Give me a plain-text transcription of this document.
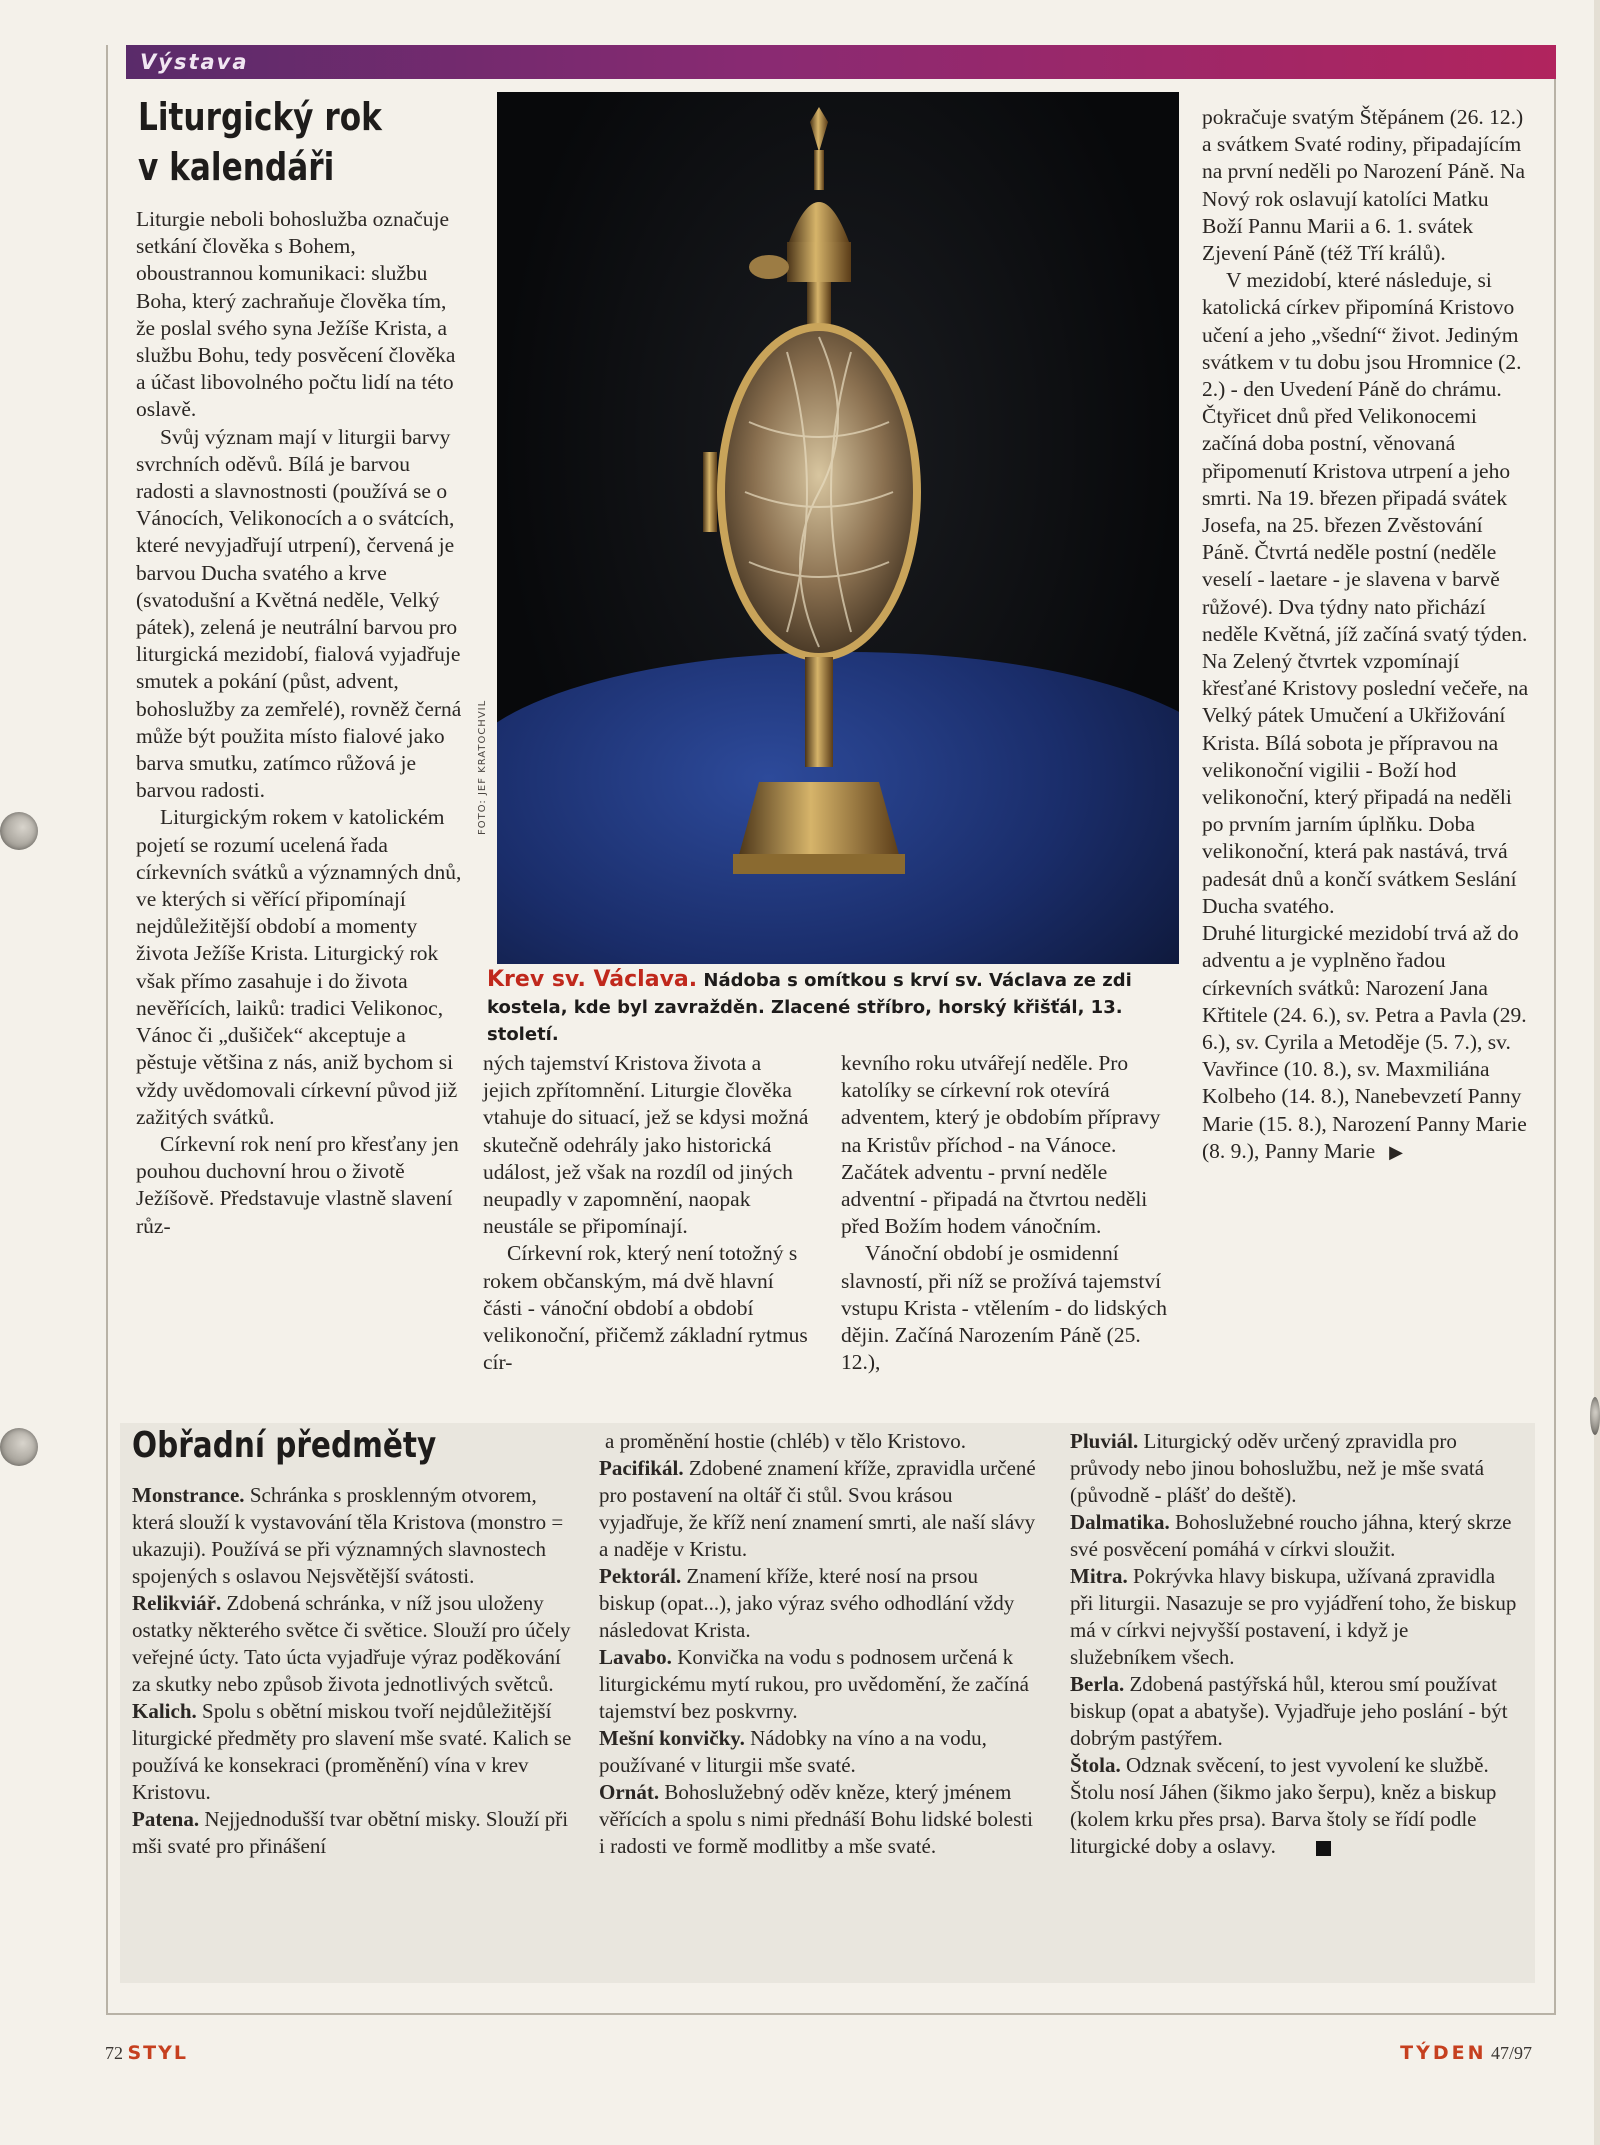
Výstava
Liturgický rok
v kalendáři

Liturgie neboli bohoslužba označuje setkání člověka s Bohem, oboustrannou komunikaci: službu Boha, který zachraňuje člověka tím, že poslal svého syna Ježíše Krista, a službu Bohu, tedy posvěcení člověka a účast libovolného počtu lidí na této oslavě.

Svůj význam mají v liturgii barvy svrchních oděvů. Bílá je barvou radosti a slavnostnosti (používá se o Vánocích, Velikonocích a o svátcích, které nevyjadřují utrpení), červená je barvou Ducha svatého a krve (svatodušní a Květná neděle, Velký pátek), zelená je neutrální barvou pro liturgická mezidobí, fialová vyjadřuje smutek a pokání (půst, advent, bohoslužby za zemřelé), rovněž černá může být použita místo fialové jako barva smutku, zatímco růžová je barvou radosti.

Liturgickým rokem v katolickém pojetí se rozumí ucelená řada církevních svátků a významných dnů, ve kterých si věřící připomínají nejdůležitější období a momenty života Ježíše Krista. Liturgický rok však přímo zasahuje i do života nevěřících, laiků: tradici Velikonoc, Vánoc či „dušiček“ akceptuje a pěstuje většina z nás, aniž bychom si vždy uvědomovali církevní původ již zažitých svátků.

Církevní rok není pro křesťany jen pouhou duchovní hrou o životě Ježíšově. Představuje vlastně slavení růz-

FOTO: JEF KRATOCHVIL
Krev sv. Václava. Nádoba s omítkou s krví sv. Václava ze zdi kostela, kde byl zavražděn. Zlacené stříbro, horský křišťál, 13. století.

ných tajemství Kristova života a jejich zpřítomnění. Liturgie člověka vtahuje do situací, jež se kdysi možná skutečně odehrály jako historická událost, jež však na rozdíl od jiných neupadly v zapomnění, naopak neustále se připomínají.

Církevní rok, který není totožný s rokem občanským, má dvě hlavní části - vánoční období a období velikonoční, přičemž základní rytmus cír-

kevního roku utvářejí neděle. Pro katolíky se církevní rok otevírá adventem, který je obdobím přípravy na Kristův příchod - na Vánoce. Začátek adventu - první neděle adventní - připadá na čtvrtou neděli před Božím hodem vánočním.

Vánoční období je osmidenní slavností, při níž se prožívá tajemství vstupu Krista - vtělením - do lidských dějin. Začíná Narozením Páně (25. 12.),

pokračuje svatým Štěpánem (26. 12.) a svátkem Svaté rodiny, připadajícím na první neděli po Narození Páně. Na Nový rok oslavují katolíci Matku Boží Pannu Marii a 6. 1. svátek Zjevení Páně (též Tří králů).

V mezidobí, které následuje, si katolická církev připomíná Kristovo učení a jeho „všední“ život. Jediným svátkem v tu dobu jsou Hromnice (2. 2.) - den Uvedení Páně do chrámu. Čtyřicet dnů před Velikonocemi začíná doba postní, věnovaná připomenutí Kristova utrpení a jeho smrti. Na 19. březen připadá svátek Josefa, na 25. březen Zvěstování Páně. Čtvrtá neděle postní (neděle veselí - laetare - je slavena v barvě růžové). Dva týdny nato přichází neděle Květná, jíž začíná svatý týden. Na Zelený čtvrtek vzpomínají křesťané Kristovy poslední večeře, na Velký pátek Umučení a Ukřižování Krista. Bílá sobota je přípravou na velikonoční vigilii - Boží hod velikonoční, který připadá na neděli po prvním jarním úplňku. Doba velikonoční, která pak nastává, trvá padesát dnů a končí svátkem Seslání Ducha svatého.

Druhé liturgické mezidobí trvá až do adventu a je vyplněno řadou církevních svátků: Narození Jana Křtitele (24. 6.), sv. Petra a Pavla (29. 6.), sv. Cyrila a Metoděje (5. 7.), sv. Vavřince (10. 8.), sv. Maxmiliána Kolbeho (14. 8.), Nanebevzetí Panny Marie (15. 8.), Narození Panny Marie (8. 9.), Panny Marie ▶
Obřadní předměty

Monstrance. Schránka s prosklenným otvorem, která slouží k vystavování těla Kristova (monstro = ukazuji). Používá se při významných slavnostech spojených s oslavou Nejsvětější svátosti.

Relikviář. Zdobená schránka, v níž jsou uloženy ostatky některého světce či světice. Slouží pro účely veřejné úcty. Tato úcta vyjadřuje výraz poděkování za skutky nebo způsob života jednotlivých světců.

Kalich. Spolu s obětní miskou tvoří nejdůležitější liturgické předměty pro slavení mše svaté. Kalich se používá ke konsekraci (proměnění) vína v krev Kristovu.

Patena. Nejjednodušší tvar obětní misky. Slouží při mši svaté pro přinášení

a proměnění hostie (chléb) v tělo Kristovo.

Pacifikál. Zdobené znamení kříže, zpravidla určené pro postavení na oltář či stůl. Svou krásou vyjadřuje, že kříž není znamení smrti, ale naší slávy a naděje v Kristu.

Pektorál. Znamení kříže, které nosí na prsou biskup (opat...), jako výraz svého odhodlání vždy následovat Krista.

Lavabo. Konvička na vodu s podnosem určená k liturgickému mytí rukou, pro uvědomění, že začíná tajemství bez poskvrny.

Mešní konvičky. Nádobky na víno a na vodu, používané v liturgii mše svaté.

Ornát. Bohoslužebný oděv kněze, který jménem věřících a spolu s nimi přednáší Bohu lidské bolesti i radosti ve formě modlitby a mše svaté.

Pluviál. Liturgický oděv určený zpravidla pro průvody nebo jinou bohoslužbu, než je mše svatá (původně - plášť do deště).

Dalmatika. Bohoslužebné roucho jáhna, který skrze své posvěcení pomáhá v církvi sloužit.

Mitra. Pokrývka hlavy biskupa, užívaná zpravidla při liturgii. Nasazuje se pro vyjádření toho, že biskup má v církvi nejvyšší postavení, i když je služebníkem všech.

Berla. Zdobená pastýřská hůl, kterou smí používat biskup (opat a abatyše). Vyjadřuje jeho poslání - být dobrým pastýřem.

Štola. Odznak svěcení, to jest vyvolení ke službě. Štolu nosí Jáhen (šikmo jako šerpu), kněz a biskup (kolem krku přes prsa). Barva štoly se řídí podle liturgické doby a oslavy.

72 STYL	TÝDEN 47/97
